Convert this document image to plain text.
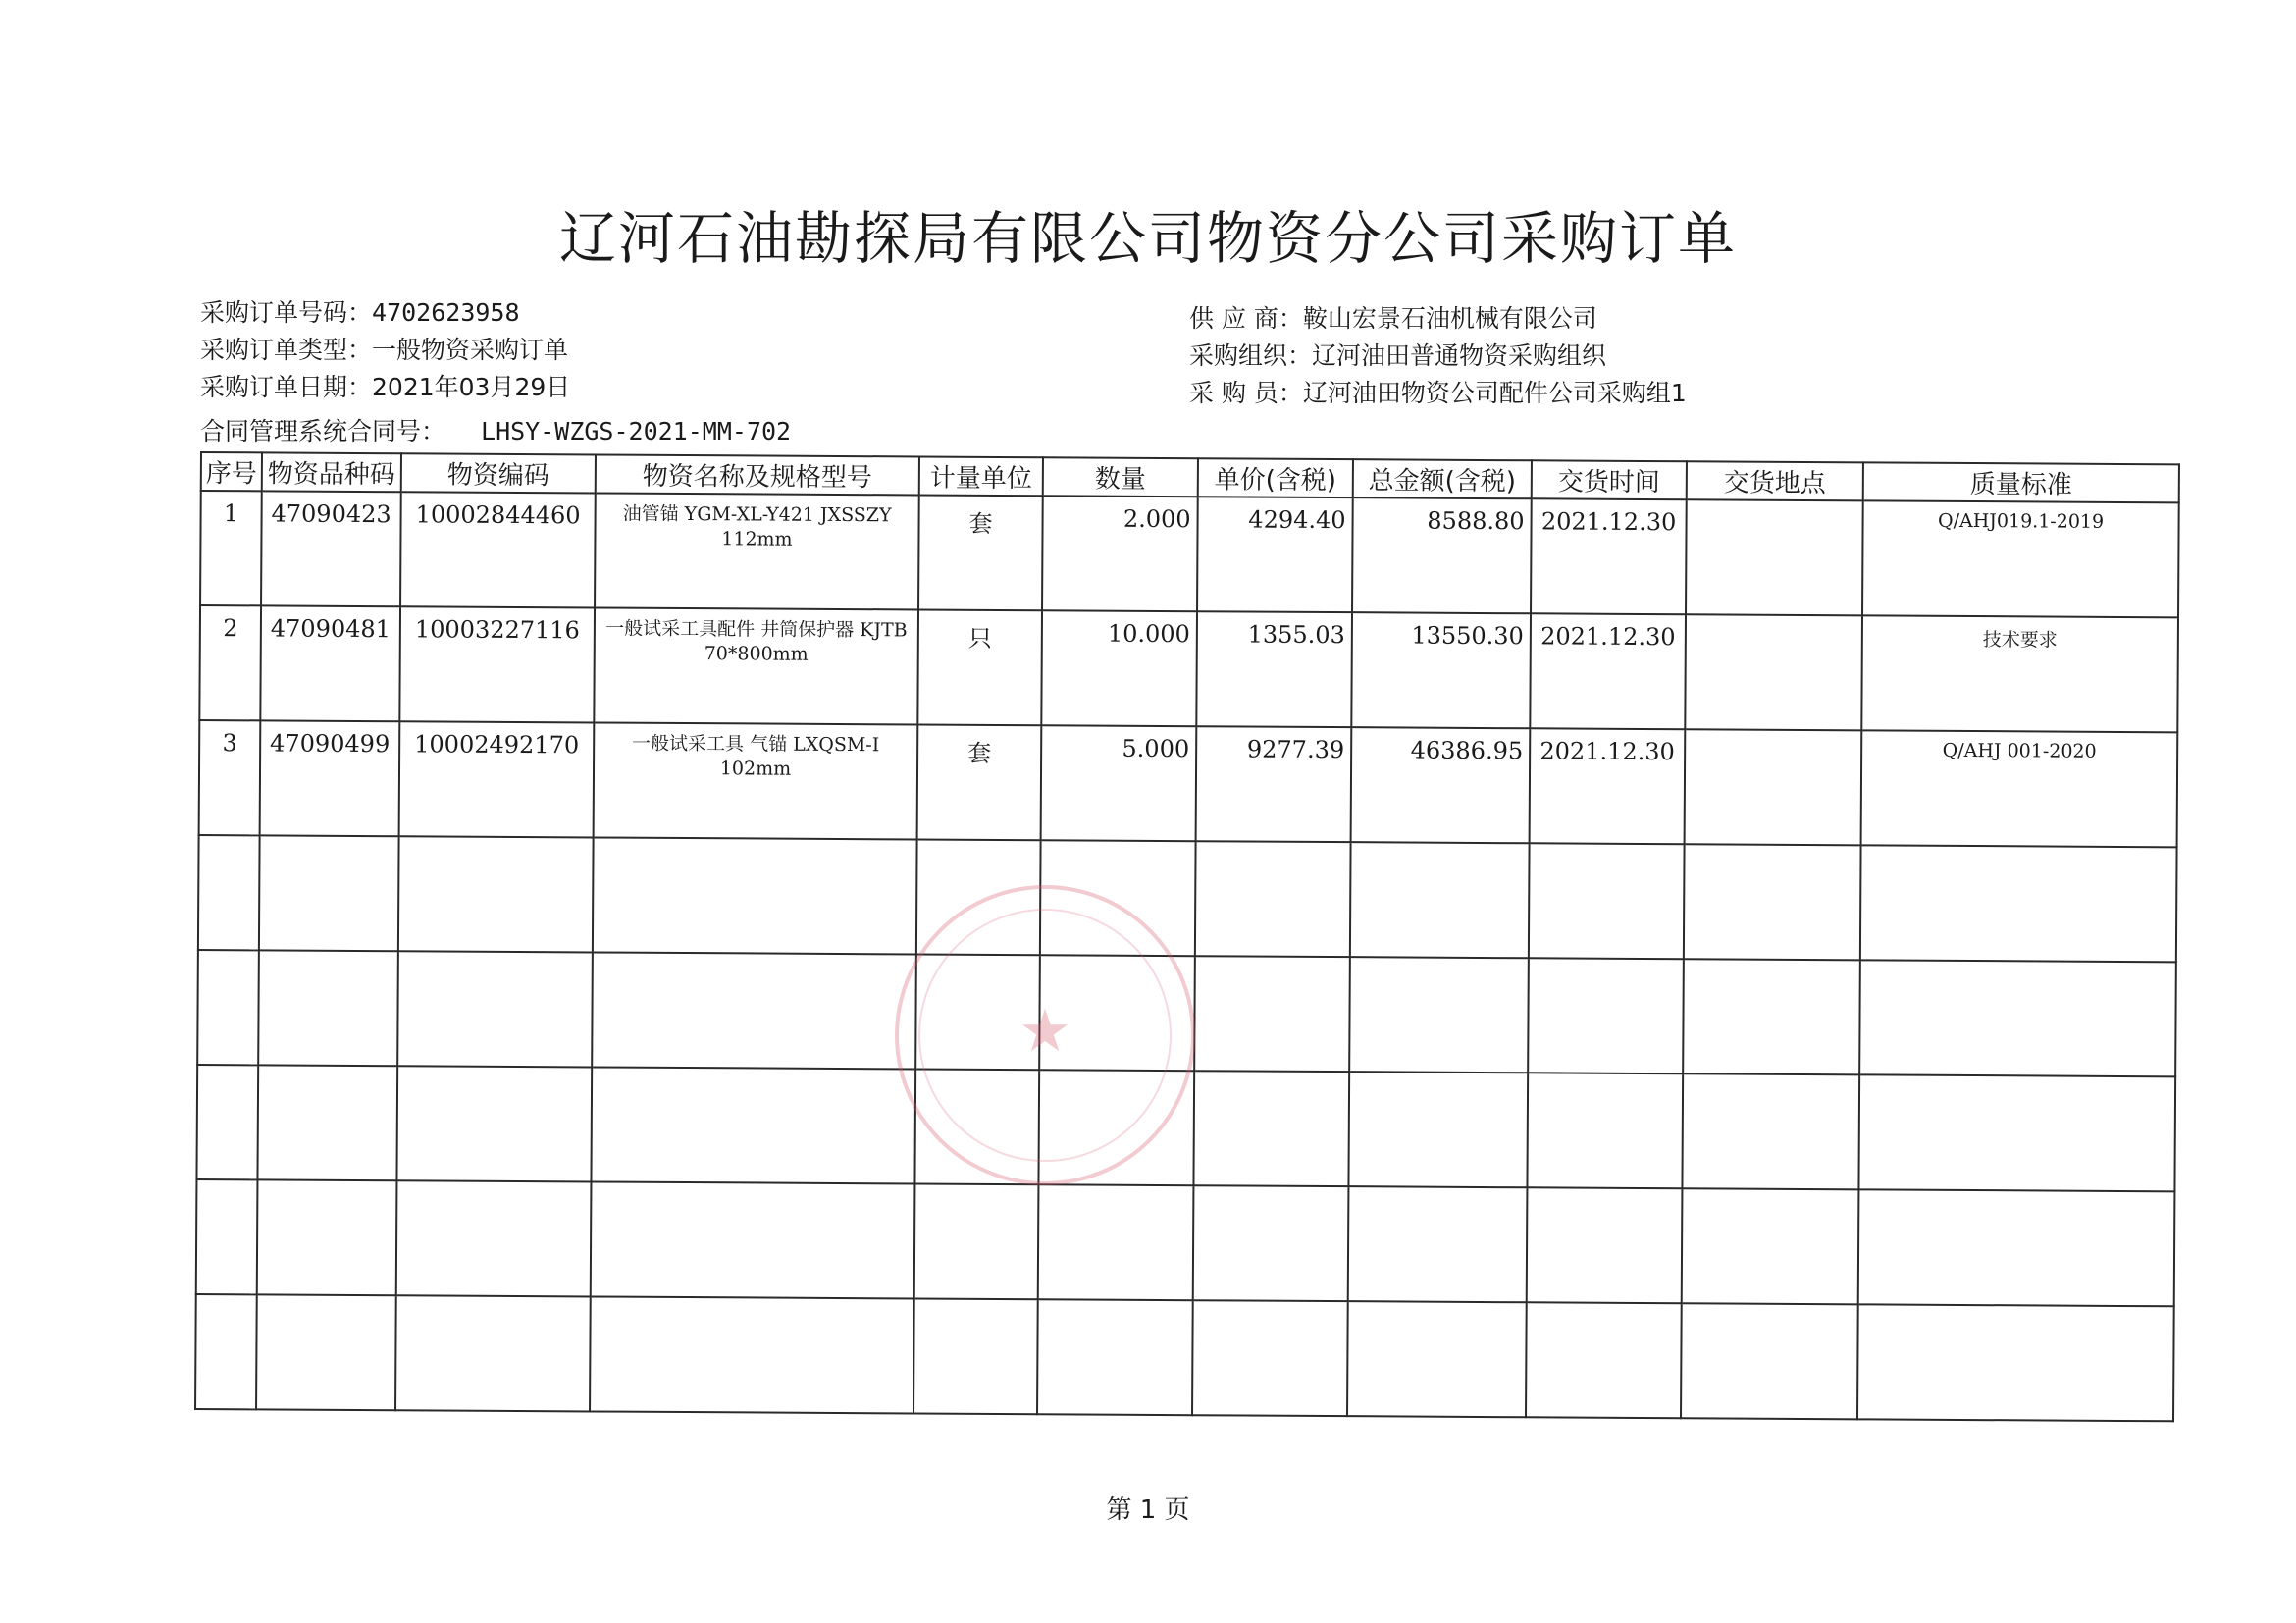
辽河石油勘探局有限公司物资分公司采购订单
采购订单号码：4702623958
采购订单类型：一般物资采购订单
采购订单日期：2021年03月29日
合同管理系统合同号： LHSY-WZGS-2021-MM-702
供 应 商：鞍山宏景石油机械有限公司
采购组织：辽河油田普通物资采购组织
采 购 员：辽河油田物资公司配件公司采购组1
序号	物资品种码	物资编码	物资名称及规格型号	计量单位	数量	单价(含税)	总金额(含税)	交货时间	交货地点	质量标准

1	47090423	10002844460	油管锚 YGM-XL-Y421 JXSSZY 112mm	套	2.000	4294.40	8588.80	2021.12.30		Q/AHJ019.1-2019

2	47090481	10003227116	一般试采工具配件 井筒保护器 KJTB 70*800mm	只	10.000	1355.03	13550.30	2021.12.30		技术要求

3	47090499	10002492170	一般试采工具 气锚 LXQSM-I 102mm	套	5.000	9277.39	46386.95	2021.12.30		Q/AHJ 001-2020

★
第 1 页
